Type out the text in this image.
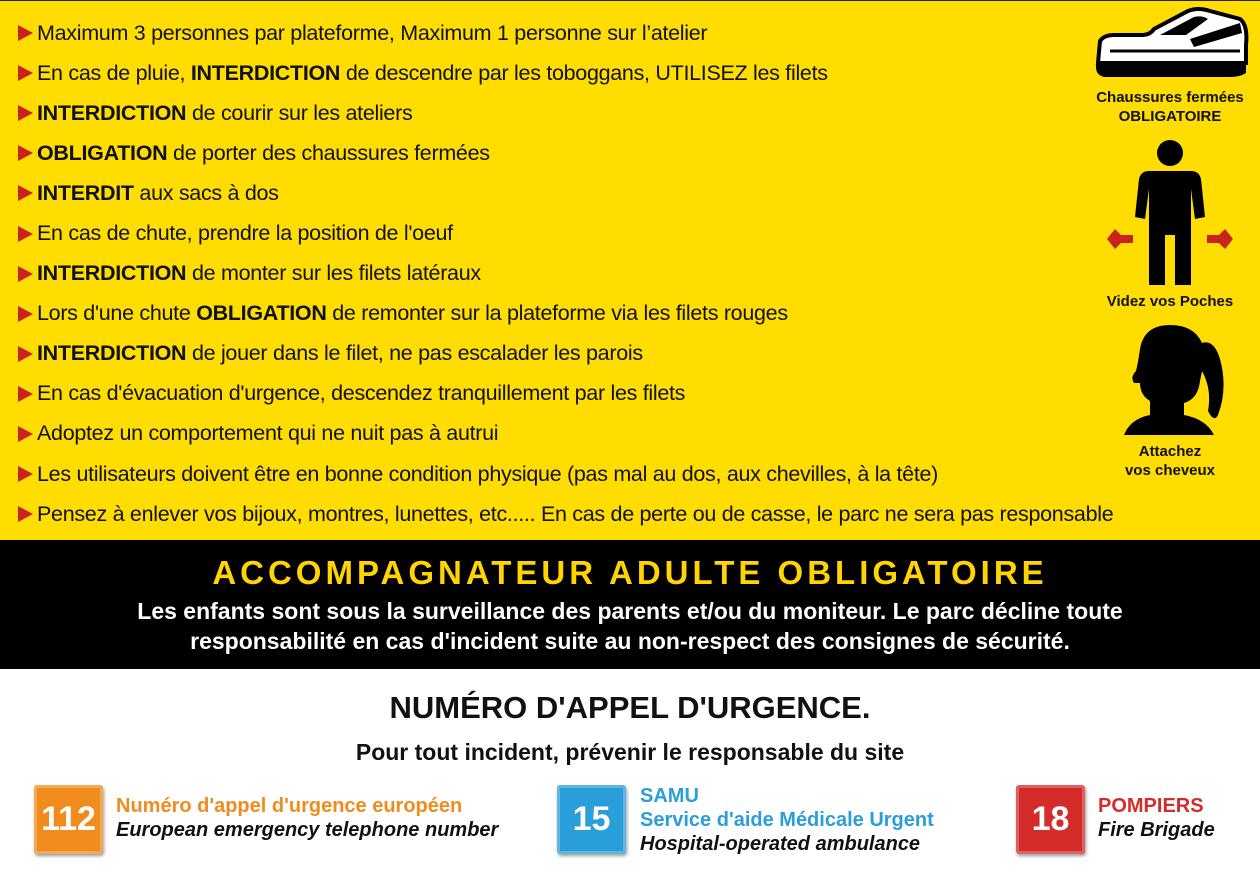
Maximum 3 personnes par plateforme, Maximum 1 personne sur l’atelier
En cas de pluie, INTERDICTION de descendre par les toboggans, UTILISEZ les filets
INTERDICTION de courir sur les ateliers
OBLIGATION de porter des chaussures fermées
INTERDIT aux sacs à dos
En cas de chute, prendre la position de l'oeuf
INTERDICTION de monter sur les filets latéraux
Lors d'une chute OBLIGATION de remonter sur la plateforme via les filets rouges
INTERDICTION de jouer dans le filet, ne pas escalader les parois
En cas d'évacuation d'urgence, descendez tranquillement par les filets
Adoptez un comportement qui ne nuit pas à autrui
Les utilisateurs doivent être en bonne condition physique (pas mal au dos, aux chevilles, à la tête)
Pensez à enlever vos bijoux, montres, lunettes, etc..... En cas de perte ou de casse, le parc ne sera pas responsable
Chaussures fermées
OBLIGATOIRE
Videz vos Poches
Attachez
vos cheveux
ACCOMPAGNATEUR ADULTE OBLIGATOIRE
Les enfants sont sous la surveillance des parents et/ou du moniteur. Le parc décline toute
responsabilité en cas d'incident suite au non-respect des consignes de sécurité.
NUMÉRO D'APPEL D'URGENCE.
Pour tout incident, prévenir le responsable du site
112	Numéro d'appel d'urgence européen
European emergency telephone number	15
SAMU
Service d'aide Médicale Urgent
Hospital-operated ambulance
18	POMPIERS
Fire Brigade
